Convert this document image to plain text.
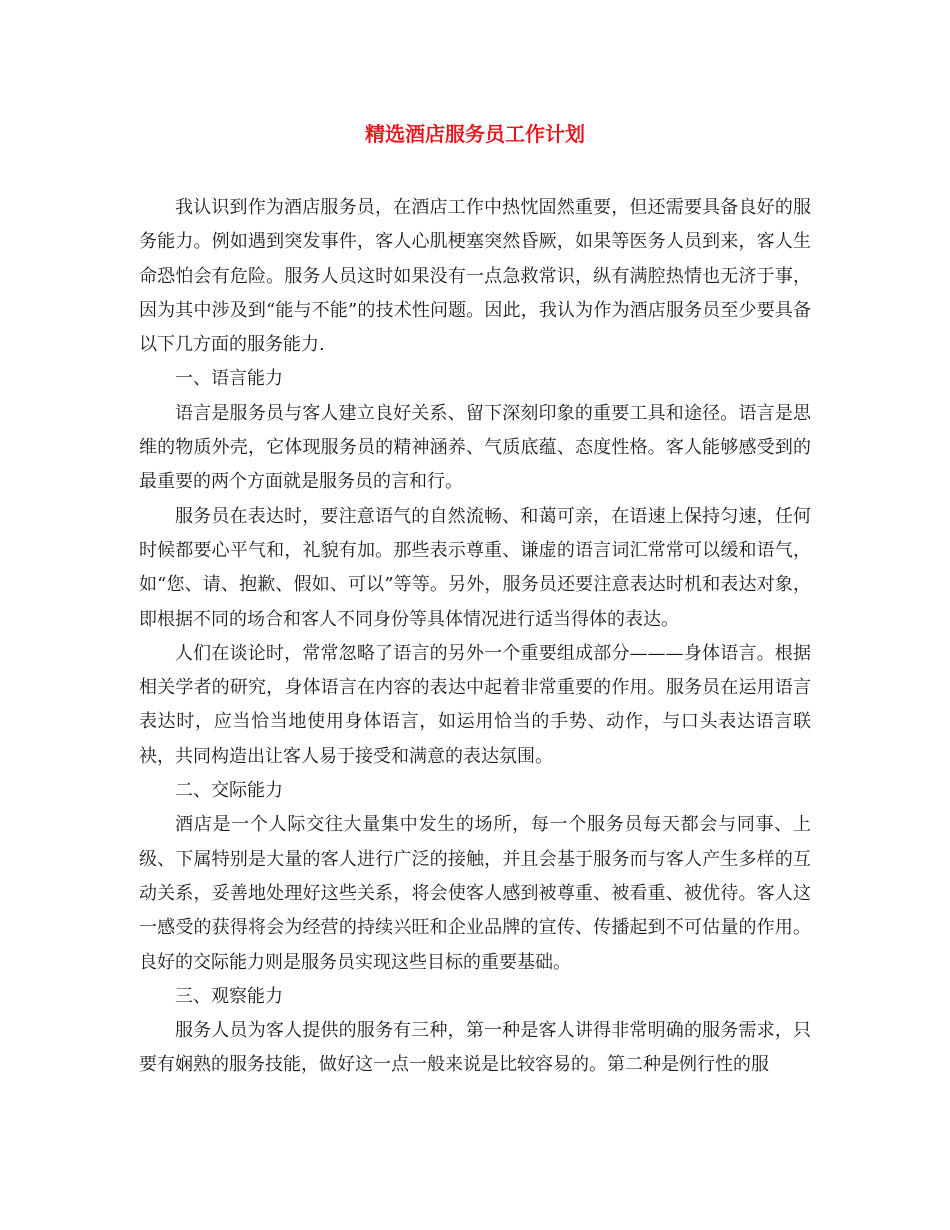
精选酒店服务员工作计划

我认识到作为酒店服务员，在酒店工作中热忱固然重要，但还需要具备良好的服务能力。例如遇到突发事件，客人心肌梗塞突然昏厥，如果等医务人员到来，客人生命恐怕会有危险。服务人员这时如果没有一点急救常识，纵有满腔热情也无济于事，因为其中涉及到“能与不能”的技术性问题。因此，我认为作为酒店服务员至少要具备以下几方面的服务能力.

一、语言能力

语言是服务员与客人建立良好关系、留下深刻印象的重要工具和途径。语言是思维的物质外壳，它体现服务员的精神涵养、气质底蕴、态度性格。客人能够感受到的最重要的两个方面就是服务员的言和行。

服务员在表达时，要注意语气的自然流畅、和蔼可亲，在语速上保持匀速，任何时候都要心平气和，礼貌有加。那些表示尊重、谦虚的语言词汇常常可以缓和语气，如“您、请、抱歉、假如、可以”等等。另外，服务员还要注意表达时机和表达对象，即根据不同的场合和客人不同身份等具体情况进行适当得体的表达。

人们在谈论时，常常忽略了语言的另外一个重要组成部分———身体语言。根据相关学者的研究，身体语言在内容的表达中起着非常重要的作用。服务员在运用语言表达时，应当恰当地使用身体语言，如运用恰当的手势、动作，与口头表达语言联袂，共同构造出让客人易于接受和满意的表达氛围。

二、交际能力

酒店是一个人际交往大量集中发生的场所，每一个服务员每天都会与同事、上级、下属特别是大量的客人进行广泛的接触，并且会基于服务而与客人产生多样的互动关系，妥善地处理好这些关系，将会使客人感到被尊重、被看重、被优待。客人这一感受的获得将会为经营的持续兴旺和企业品牌的宣传、传播起到不可估量的作用。良好的交际能力则是服务员实现这些目标的重要基础。

三、观察能力

服务人员为客人提供的服务有三种，第一种是客人讲得非常明确的服务需求，只要有娴熟的服务技能，做好这一点一般来说是比较容易的。第二种是例行性的服
